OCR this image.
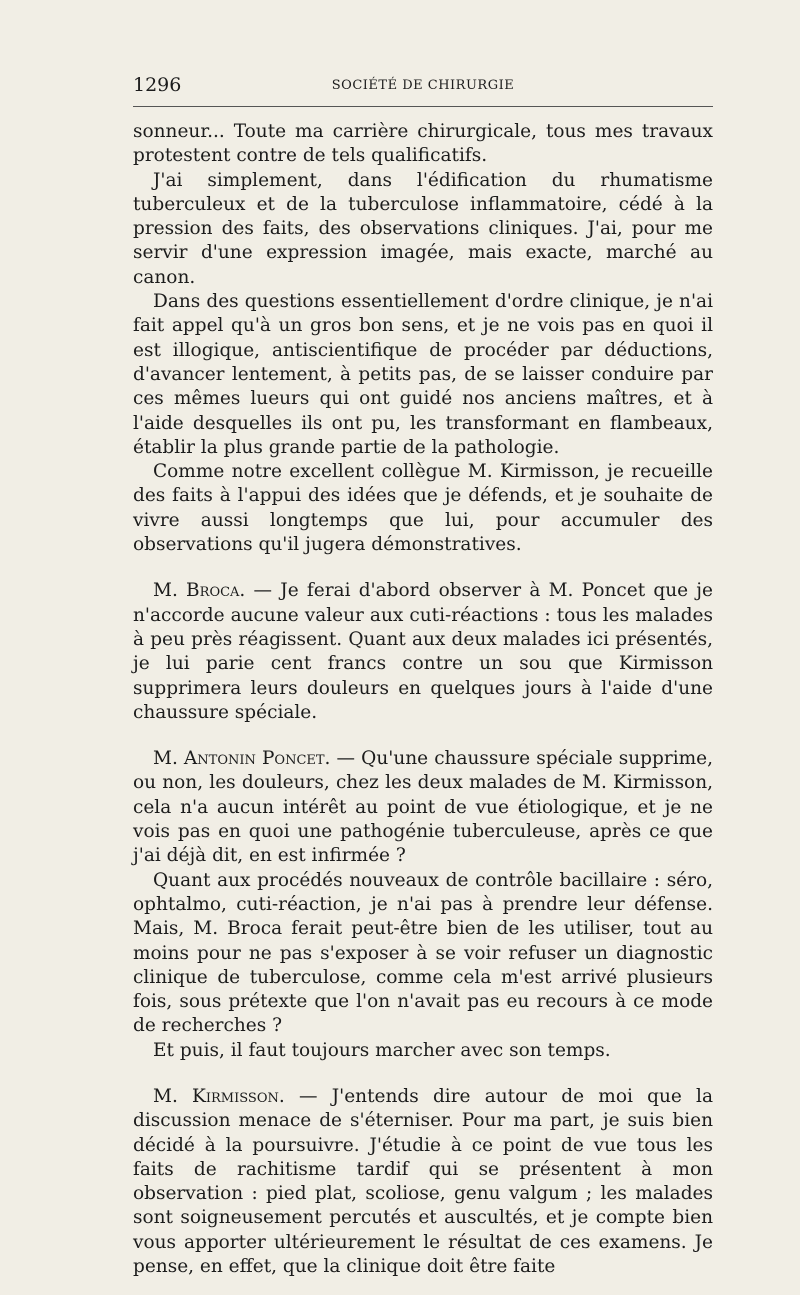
1296	SOCIÉTÉ DE CHIRURGIE

sonneur... Toute ma carrière chirurgicale, tous mes travaux protestent contre de tels qualificatifs.

J'ai simplement, dans l'édification du rhumatisme tuberculeux et de la tuberculose inflammatoire, cédé à la pression des faits, des observations cliniques. J'ai, pour me servir d'une expression imagée, mais exacte, marché au canon.

Dans des questions essentiellement d'ordre clinique, je n'ai fait appel qu'à un gros bon sens, et je ne vois pas en quoi il est illogique, antiscientifique de procéder par déductions, d'avancer lentement, à petits pas, de se laisser conduire par ces mêmes lueurs qui ont guidé nos anciens maîtres, et à l'aide desquelles ils ont pu, les transformant en flambeaux, établir la plus grande partie de la pathologie.

Comme notre excellent collègue M. Kirmisson, je recueille des faits à l'appui des idées que je défends, et je souhaite de vivre aussi longtemps que lui, pour accumuler des observations qu'il jugera démonstratives.

M. Broca. — Je ferai d'abord observer à M. Poncet que je n'accorde aucune valeur aux cuti-réactions : tous les malades à peu près réagissent. Quant aux deux malades ici présentés, je lui parie cent francs contre un sou que Kirmisson supprimera leurs douleurs en quelques jours à l'aide d'une chaussure spéciale.

M. Antonin Poncet. — Qu'une chaussure spéciale supprime, ou non, les douleurs, chez les deux malades de M. Kirmisson, cela n'a aucun intérêt au point de vue étiologique, et je ne vois pas en quoi une pathogénie tuberculeuse, après ce que j'ai déjà dit, en est infirmée ?

Quant aux procédés nouveaux de contrôle bacillaire : séro, ophtalmo, cuti-réaction, je n'ai pas à prendre leur défense. Mais, M. Broca ferait peut-être bien de les utiliser, tout au moins pour ne pas s'exposer à se voir refuser un diagnostic clinique de tuberculose, comme cela m'est arrivé plusieurs fois, sous prétexte que l'on n'avait pas eu recours à ce mode de recherches ?

Et puis, il faut toujours marcher avec son temps.

M. Kirmisson. — J'entends dire autour de moi que la discussion menace de s'éterniser. Pour ma part, je suis bien décidé à la poursuivre. J'étudie à ce point de vue tous les faits de rachitisme tardif qui se présentent à mon observation : pied plat, scoliose, genu valgum ; les malades sont soigneusement percutés et auscultés, et je compte bien vous apporter ultérieurement le résultat de ces examens. Je pense, en effet, que la clinique doit être faite
